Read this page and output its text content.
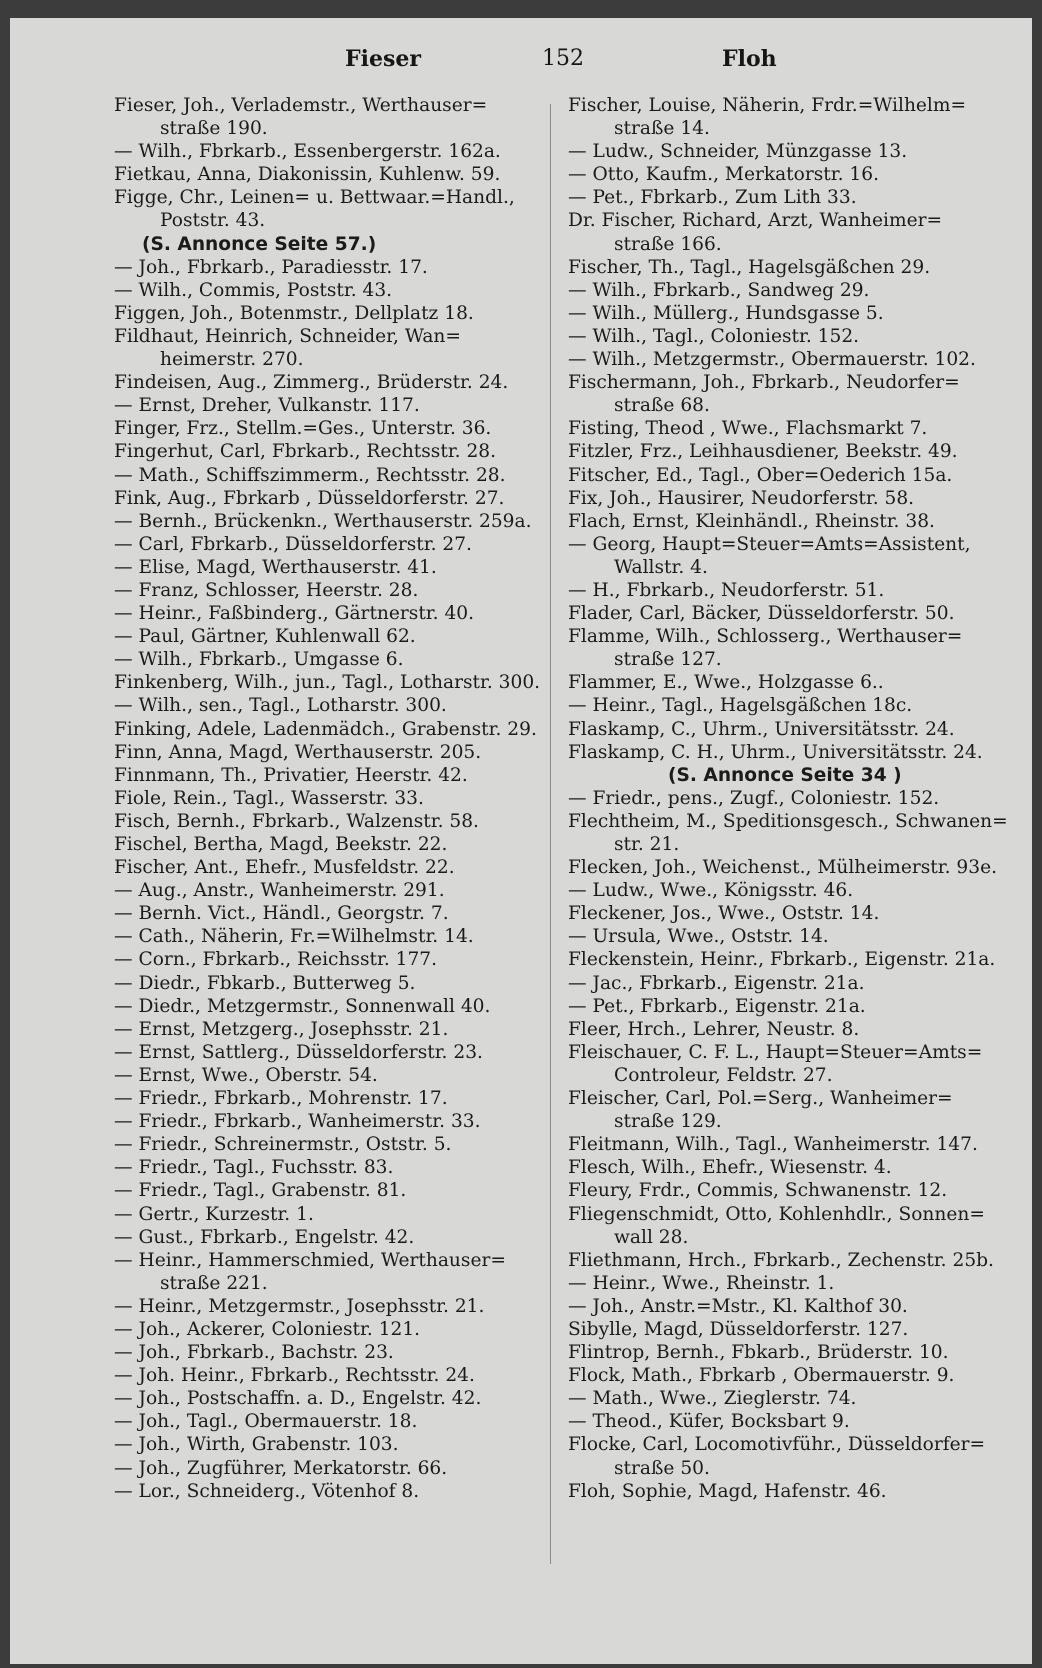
Fieser	152	Floh
Fieser, Joh., Verlademstr., Werthauser=
straße 190.
— Wilh., Fbrkarb., Essenbergerstr. 162a.
Fietkau, Anna, Diakonissin, Kuhlenw. 59.
Figge, Chr., Leinen= u. Bettwaar.=Handl.,
Poststr. 43.
(S. Annonce Seite 57.)
— Joh., Fbrkarb., Paradiesstr. 17.
— Wilh., Commis, Poststr. 43.
Figgen, Joh., Botenmstr., Dellplatz 18.
Fildhaut, Heinrich, Schneider, Wan=
heimerstr. 270.
Findeisen, Aug., Zimmerg., Brüderstr. 24.
— Ernst, Dreher, Vulkanstr. 117.
Finger, Frz., Stellm.=Ges., Unterstr. 36.
Fingerhut, Carl, Fbrkarb., Rechtsstr. 28.
— Math., Schiffszimmerm., Rechtsstr. 28.
Fink, Aug., Fbrkarb , Düsseldorferstr. 27.
— Bernh., Brückenkn., Werthauserstr. 259a.
— Carl, Fbrkarb., Düsseldorferstr. 27.
— Elise, Magd, Werthauserstr. 41.
— Franz, Schlosser, Heerstr. 28.
— Heinr., Faßbinderg., Gärtnerstr. 40.
— Paul, Gärtner, Kuhlenwall 62.
— Wilh., Fbrkarb., Umgasse 6.
Finkenberg, Wilh., jun., Tagl., Lotharstr. 300.
— Wilh., sen., Tagl., Lotharstr. 300.
Finking, Adele, Ladenmädch., Grabenstr. 29.
Finn, Anna, Magd, Werthauserstr. 205.
Finnmann, Th., Privatier, Heerstr. 42.
Fiole, Rein., Tagl., Wasserstr. 33.
Fisch, Bernh., Fbrkarb., Walzenstr. 58.
Fischel, Bertha, Magd, Beekstr. 22.
Fischer, Ant., Ehefr., Musfeldstr. 22.
— Aug., Anstr., Wanheimerstr. 291.
— Bernh. Vict., Händl., Georgstr. 7.
— Cath., Näherin, Fr.=Wilhelmstr. 14.
— Corn., Fbrkarb., Reichsstr. 177.
— Diedr., Fbkarb., Butterweg 5.
— Diedr., Metzgermstr., Sonnenwall 40.
— Ernst, Metzgerg., Josephsstr. 21.
— Ernst, Sattlerg., Düsseldorferstr. 23.
— Ernst, Wwe., Oberstr. 54.
— Friedr., Fbrkarb., Mohrenstr. 17.
— Friedr., Fbrkarb., Wanheimerstr. 33.
— Friedr., Schreinermstr., Oststr. 5.
— Friedr., Tagl., Fuchsstr. 83.
— Friedr., Tagl., Grabenstr. 81.
— Gertr., Kurzestr. 1.
— Gust., Fbrkarb., Engelstr. 42.
— Heinr., Hammerschmied, Werthauser=
straße 221.
— Heinr., Metzgermstr., Josephsstr. 21.
— Joh., Ackerer, Coloniestr. 121.
— Joh., Fbrkarb., Bachstr. 23.
— Joh. Heinr., Fbrkarb., Rechtsstr. 24.
— Joh., Postschaffn. a. D., Engelstr. 42.
— Joh., Tagl., Obermauerstr. 18.
— Joh., Wirth, Grabenstr. 103.
— Joh., Zugführer, Merkatorstr. 66.
— Lor., Schneiderg., Vötenhof 8.
Fischer, Louise, Näherin, Frdr.=Wilhelm=
straße 14.
— Ludw., Schneider, Münzgasse 13.
— Otto, Kaufm., Merkatorstr. 16.
— Pet., Fbrkarb., Zum Lith 33.
Dr. Fischer, Richard, Arzt, Wanheimer=
straße 166.
Fischer, Th., Tagl., Hagelsgäßchen 29.
— Wilh., Fbrkarb., Sandweg 29.
— Wilh., Müllerg., Hundsgasse 5.
— Wilh., Tagl., Coloniestr. 152.
— Wilh., Metzgermstr., Obermauerstr. 102.
Fischermann, Joh., Fbrkarb., Neudorfer=
straße 68.
Fisting, Theod , Wwe., Flachsmarkt 7.
Fitzler, Frz., Leihhausdiener, Beekstr. 49.
Fitscher, Ed., Tagl., Ober=Oederich 15a.
Fix, Joh., Hausirer, Neudorferstr. 58.
Flach, Ernst, Kleinhändl., Rheinstr. 38.
— Georg, Haupt=Steuer=Amts=Assistent,
Wallstr. 4.
— H., Fbrkarb., Neudorferstr. 51.
Flader, Carl, Bäcker, Düsseldorferstr. 50.
Flamme, Wilh., Schlosserg., Werthauser=
straße 127.
Flammer, E., Wwe., Holzgasse 6..
— Heinr., Tagl., Hagelsgäßchen 18c.
Flaskamp, C., Uhrm., Universitätsstr. 24.
Flaskamp, C. H., Uhrm., Universitätsstr. 24.
(S. Annonce Seite 34 )
— Friedr., pens., Zugf., Coloniestr. 152.
Flechtheim, M., Speditionsgesch., Schwanen=
str. 21.
Flecken, Joh., Weichenst., Mülheimerstr. 93e.
— Ludw., Wwe., Königsstr. 46.
Fleckener, Jos., Wwe., Oststr. 14.
— Ursula, Wwe., Oststr. 14.
Fleckenstein, Heinr., Fbrkarb., Eigenstr. 21a.
— Jac., Fbrkarb., Eigenstr. 21a.
— Pet., Fbrkarb., Eigenstr. 21a.
Fleer, Hrch., Lehrer, Neustr. 8.
Fleischauer, C. F. L., Haupt=Steuer=Amts=
Controleur, Feldstr. 27.
Fleischer, Carl, Pol.=Serg., Wanheimer=
straße 129.
Fleitmann, Wilh., Tagl., Wanheimerstr. 147.
Flesch, Wilh., Ehefr., Wiesenstr. 4.
Fleury, Frdr., Commis, Schwanenstr. 12.
Fliegenschmidt, Otto, Kohlenhdlr., Sonnen=
wall 28.
Fliethmann, Hrch., Fbrkarb., Zechenstr. 25b.
— Heinr., Wwe., Rheinstr. 1.
— Joh., Anstr.=Mstr., Kl. Kalthof 30.
Sibylle, Magd, Düsseldorferstr. 127.
Flintrop, Bernh., Fbkarb., Brüderstr. 10.
Flock, Math., Fbrkarb , Obermauerstr. 9.
— Math., Wwe., Zieglerstr. 74.
— Theod., Küfer, Bocksbart 9.
Flocke, Carl, Locomotivführ., Düsseldorfer=
straße 50.
Floh, Sophie, Magd, Hafenstr. 46.
